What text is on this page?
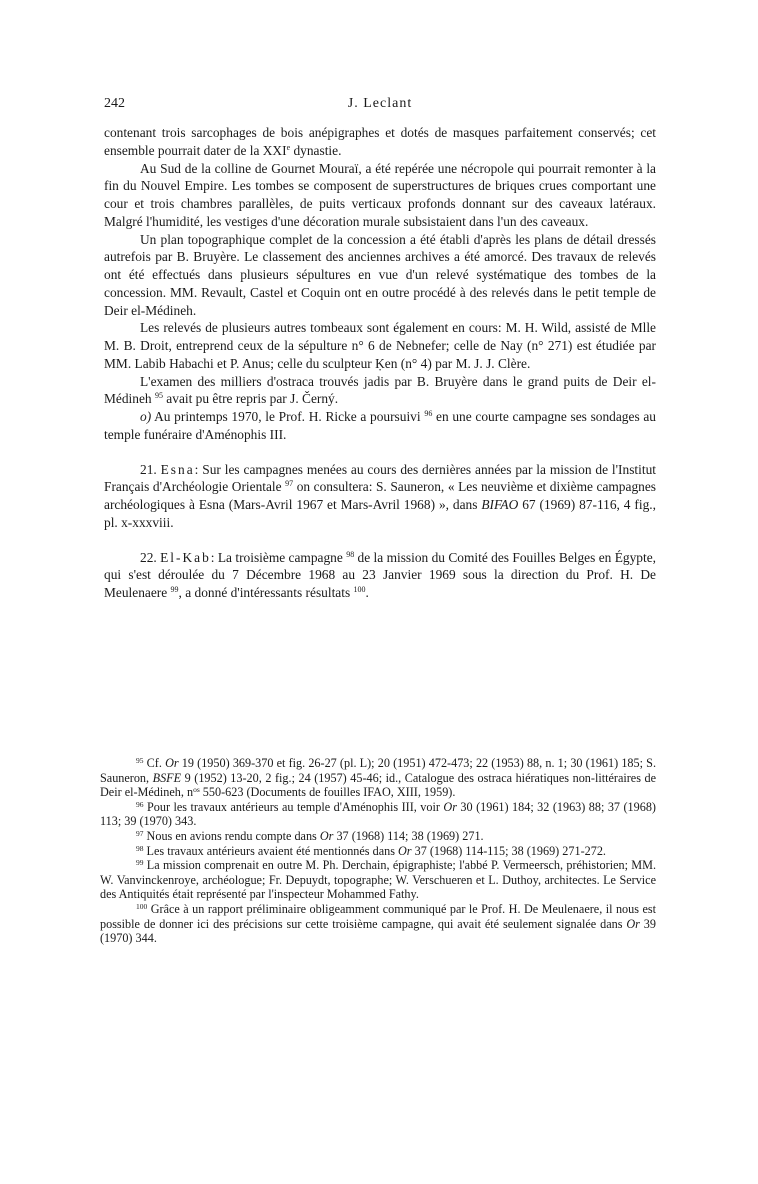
242	J. Leclant

contenant trois sarcophages de bois anépigraphes et dotés de masques parfaitement conservés; cet ensemble pourrait dater de la XXIe dynastie.

Au Sud de la colline de Gournet Mouraï, a été repérée une nécropole qui pourrait remonter à la fin du Nouvel Empire. Les tombes se composent de superstructures de briques crues comportant une cour et trois chambres parallèles, de puits verticaux profonds donnant sur des caveaux latéraux. Malgré l'humidité, les vestiges d'une décoration murale subsistaient dans l'un des caveaux.

Un plan topographique complet de la concession a été établi d'après les plans de détail dressés autrefois par B. Bruyère. Le classement des anciennes archives a été amorcé. Des travaux de relevés ont été effectués dans plusieurs sépultures en vue d'un relevé systématique des tombes de la concession. MM. Revault, Castel et Coquin ont en outre procédé à des relevés dans le petit temple de Deir el-Médineh.

Les relevés de plusieurs autres tombeaux sont également en cours: M. H. Wild, assisté de Mlle M. B. Droit, entreprend ceux de la sépulture n° 6 de Nebnefer; celle de Nay (n° 271) est étudiée par MM. Labib Habachi et P. Anus; celle du sculpteur Ḳen (n° 4) par M. J. J. Clère.

L'examen des milliers d'ostraca trouvés jadis par B. Bruyère dans le grand puits de Deir el-Médineh $^{95}$ avait pu être repris par J. Černý.

o) Au printemps 1970, le Prof. H. Ricke a poursuivi $^{96}$ en une courte campagne ses sondages au temple funéraire d'Aménophis III.

21. Esna: Sur les campagnes menées au cours des dernières années par la mission de l'Institut Français d'Archéologie Orientale $^{97}$ on consultera: S. Sauneron, « Les neuvième et dixième campagnes archéologiques à Esna (Mars-Avril 1967 et Mars-Avril 1968) », dans BIFAO 67 (1969) 87-116, 4 fig., pl. x-xxxviii.

22. El-Kab: La troisième campagne $^{98}$ de la mission du Comité des Fouilles Belges en Égypte, qui s'est déroulée du 7 Décembre 1968 au 23 Janvier 1969 sous la direction du Prof. H. De Meulenaere $^{99}$, a donné d'intéressants résultats $^{100}$.

$^{95}$ Cf. Or 19 (1950) 369-370 et fig. 26-27 (pl. L); 20 (1951) 472-473; 22 (1953) 88, n. 1; 30 (1961) 185; S. Sauneron, BSFE 9 (1952) 13-20, 2 fig.; 24 (1957) 45-46; id., Catalogue des ostraca hiératiques non-littéraires de Deir el-Médineh, $n^{os}$ 550-623 (Documents de fouilles IFAO, XIII, 1959).

$^{96}$ Pour les travaux antérieurs au temple d'Aménophis III, voir Or 30 (1961) 184; 32 (1963) 88; 37 (1968) 113; 39 (1970) 343.

$^{97}$ Nous en avions rendu compte dans Or 37 (1968) 114; 38 (1969) 271.

$^{98}$ Les travaux antérieurs avaient été mentionnés dans Or 37 (1968) 114-115; 38 (1969) 271-272.

$^{99}$ La mission comprenait en outre M. Ph. Derchain, épigraphiste; l'abbé P. Vermeersch, préhistorien; MM. W. Vanvinckenroye, archéologue; Fr. Depuydt, topographe; W. Verschueren et L. Duthoy, architectes. Le Service des Antiquités était représenté par l'inspecteur Mohammed Fathy.

$^{100}$ Grâce à un rapport préliminaire obligeamment communiqué par le Prof. H. De Meulenaere, il nous est possible de donner ici des précisions sur cette troisième campagne, qui avait été seulement signalée dans Or 39 (1970) 344.
